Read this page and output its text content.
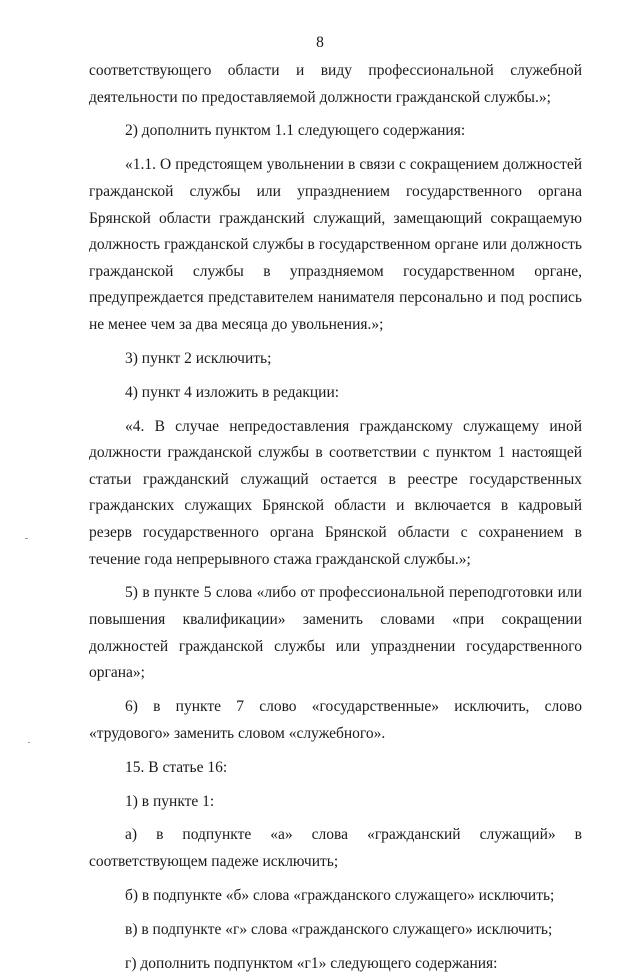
8

соответствующего области и виду профессиональной служебной деятельности по предоставляемой должности гражданской службы.»;

2) дополнить пунктом 1.1 следующего содержания:

«1.1. О предстоящем увольнении в связи с сокращением должностей гражданской службы или упразднением государственного органа Брянской области гражданский служащий, замещающий сокращаемую должность гражданской службы в государственном органе или должность гражданской службы в упраздняемом государственном органе, предупреждается представителем нанимателя персонально и под роспись не менее чем за два месяца до увольнения.»;

3) пункт 2 исключить;

4) пункт 4 изложить в редакции:

«4. В случае непредоставления гражданскому служащему иной должности гражданской службы в соответствии с пунктом 1 настоящей статьи гражданский служащий остается в реестре государственных гражданских служащих Брянской области и включается в кадровый резерв государственного органа Брянской области с сохранением в течение года непрерывного стажа гражданской службы.»;

5) в пункте 5 слова «либо от профессиональной переподготовки или повышения квалификации» заменить словами «при сокращении должностей гражданской службы или упразднении государственного органа»;

6) в пункте 7 слово «государственные» исключить, слово «трудового» заменить словом «служебного».

15. В статье 16:

1) в пункте 1:

а) в подпункте «а» слова «гражданский служащий» в соответствующем падеже исключить;

б) в подпункте «б» слова «гражданского служащего» исключить;

в) в подпункте «г» слова «гражданского служащего» исключить;

г) дополнить подпунктом «г1» следующего содержания:
